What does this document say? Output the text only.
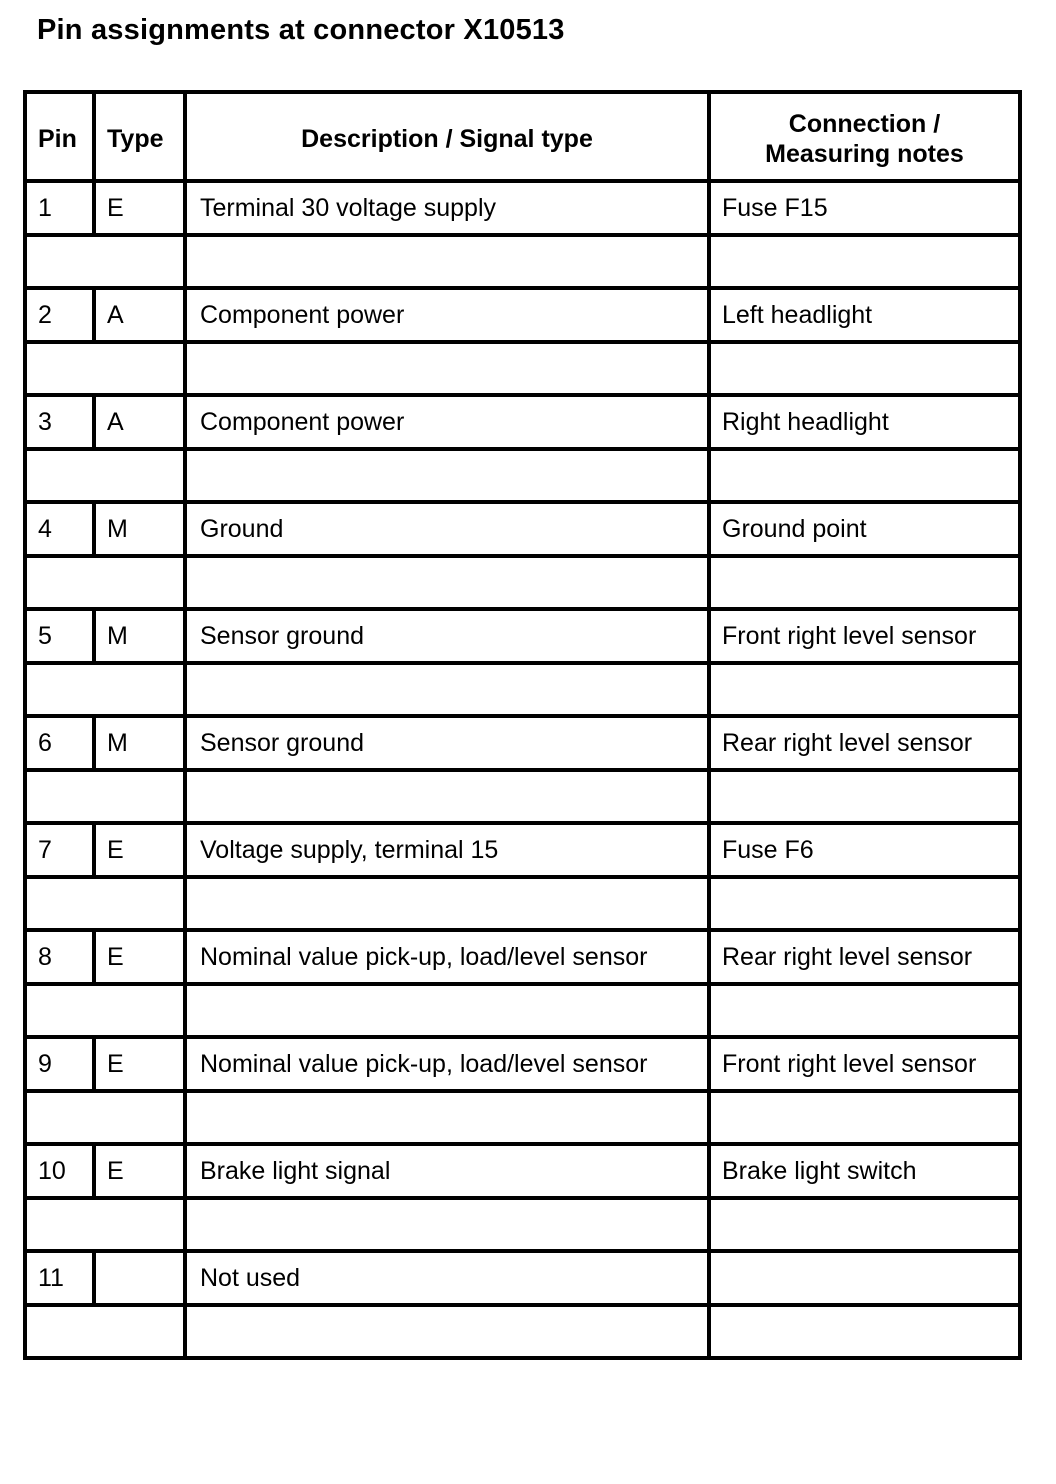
Pin assignments at connector X10513
Pin	Type	Description / Signal type	Connection /
Measuring notes
1	E	Terminal 30 voltage supply	Fuse F15

2	A	Component power	Left headlight

3	A	Component power	Right headlight

4	M	Ground	Ground point

5	M	Sensor ground	Front right level sensor

6	M	Sensor ground	Rear right level sensor

7	E	Voltage supply, terminal 15	Fuse F6

8	E	Nominal value pick-up, load/level sensor	Rear right level sensor

9	E	Nominal value pick-up, load/level sensor	Front right level sensor

10	E	Brake light signal	Brake light switch

11		Not used	
